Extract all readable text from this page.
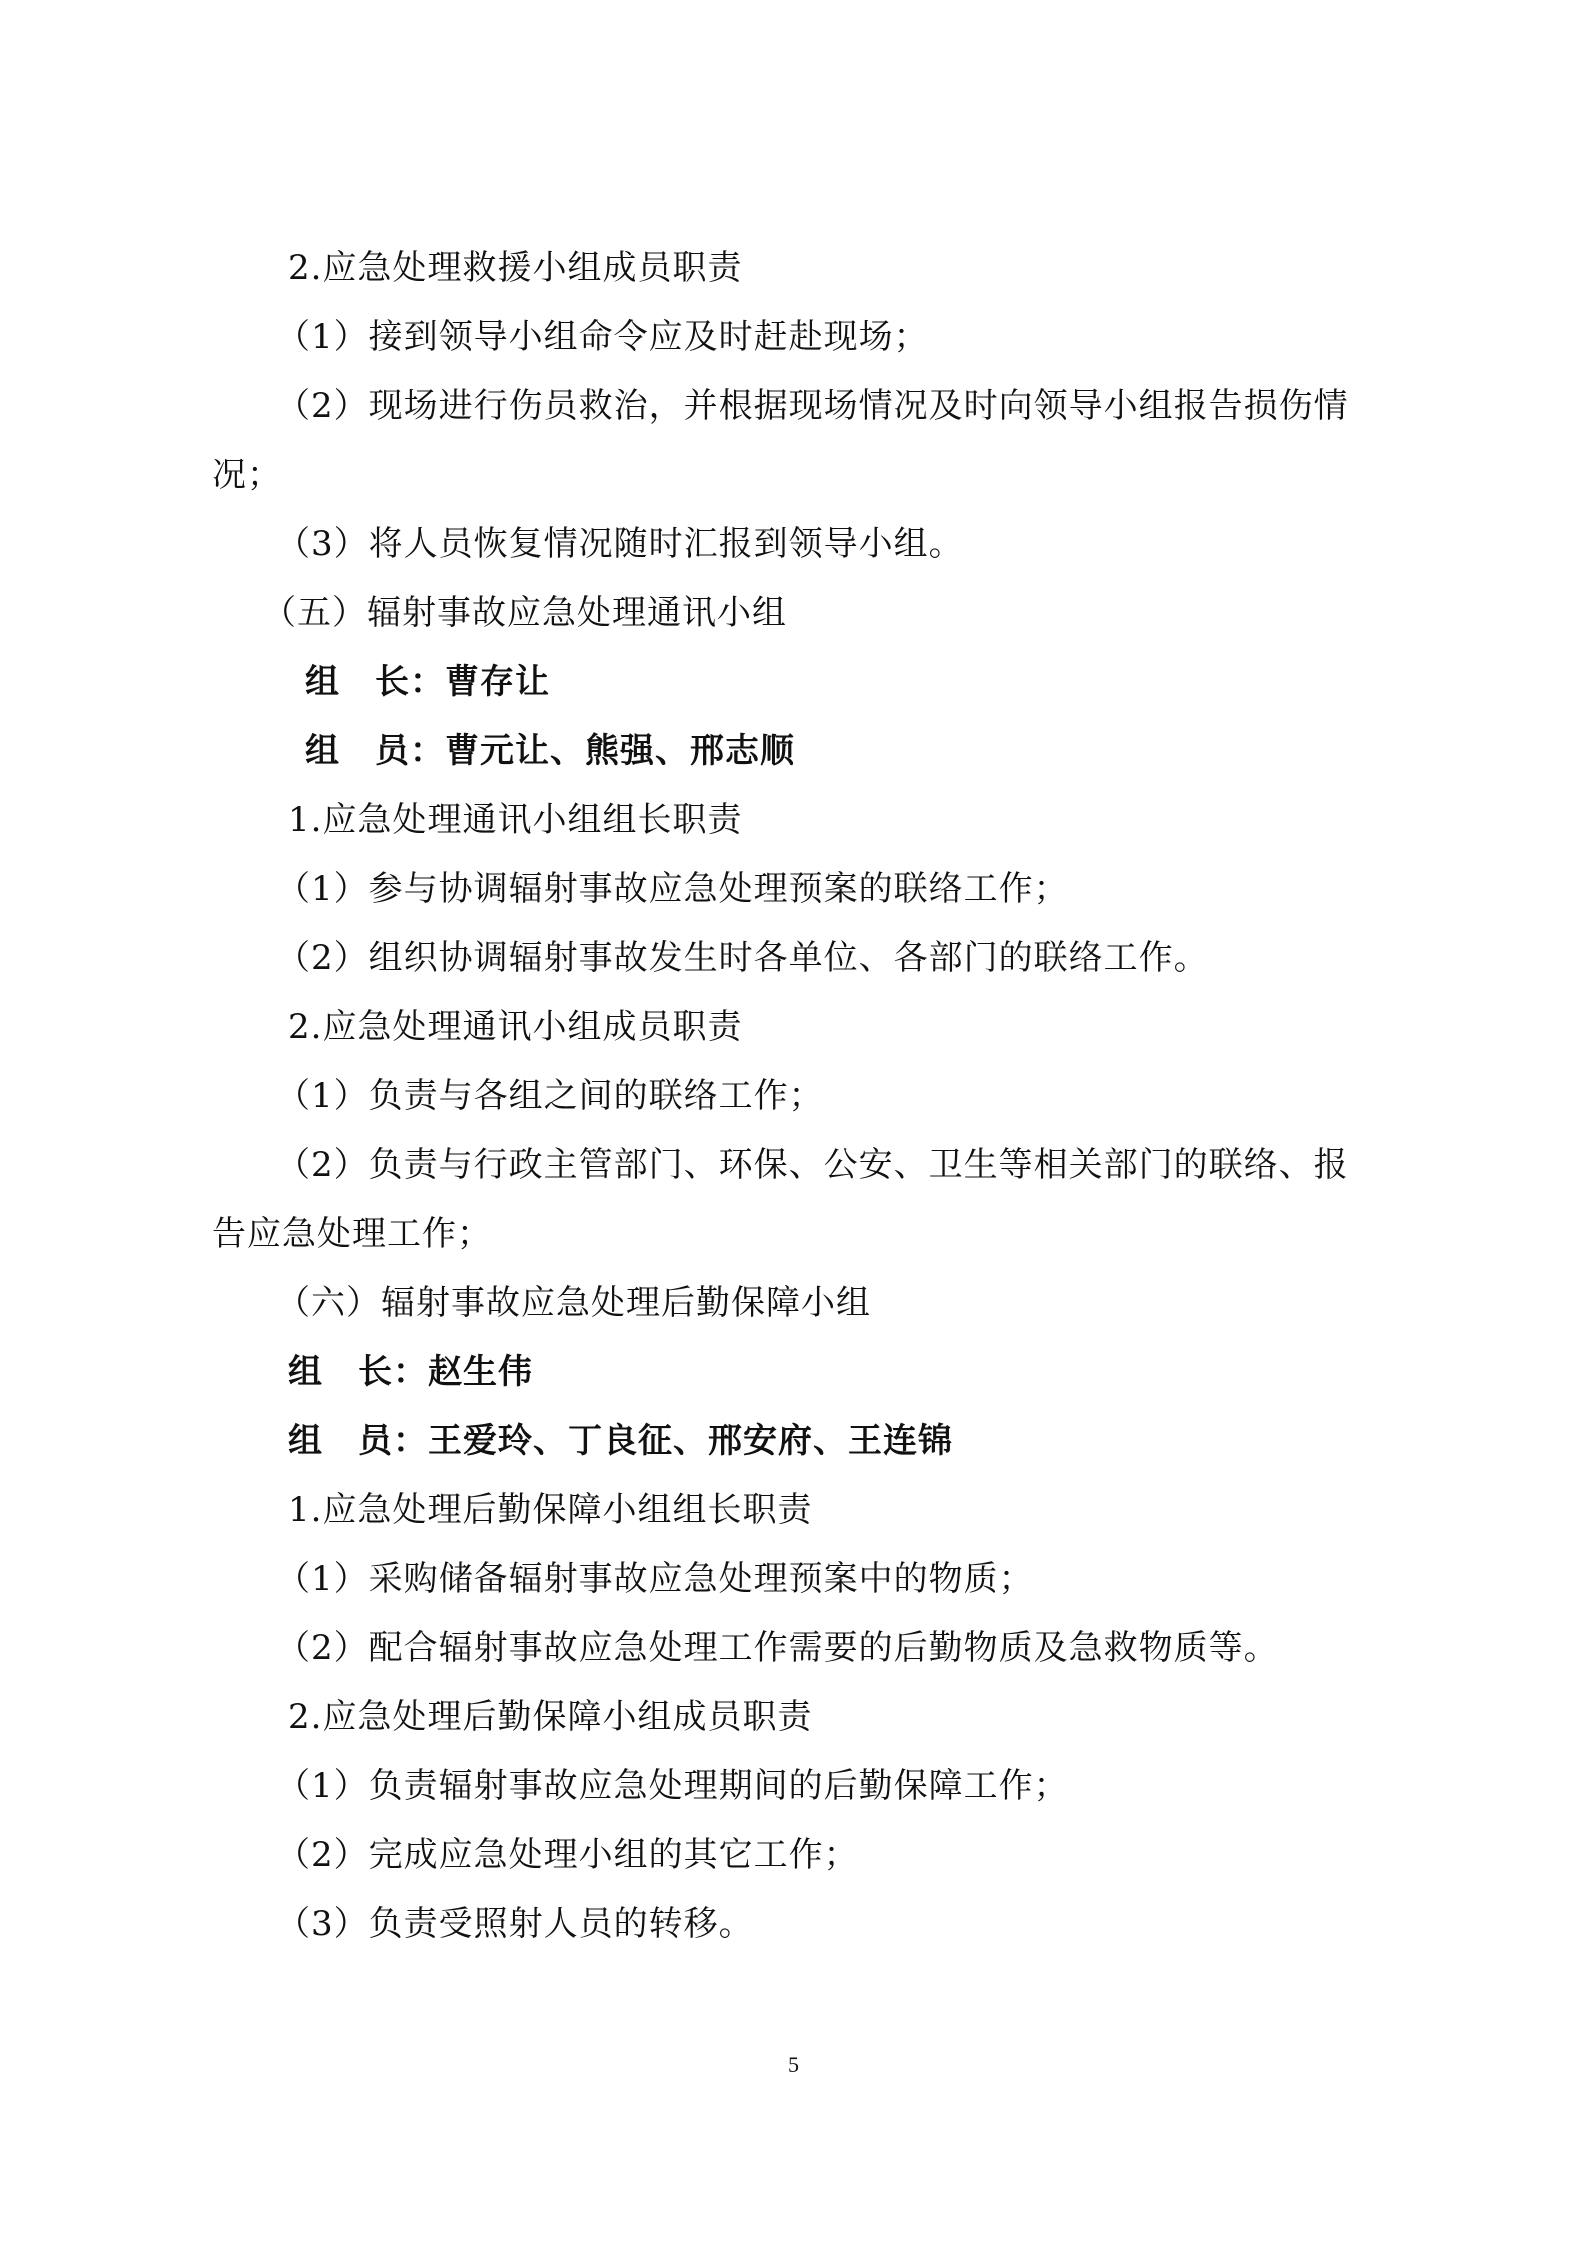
2.应急处理救援小组成员职责
（1）接到领导小组命令应及时赶赴现场；
（2）现场进行伤员救治，并根据现场情况及时向领导小组报告损伤情
况；
（3）将人员恢复情况随时汇报到领导小组。
（五）辐射事故应急处理通讯小组
组　长：曹存让
组　员：曹元让、熊强、邢志顺
1.应急处理通讯小组组长职责
（1）参与协调辐射事故应急处理预案的联络工作；
（2）组织协调辐射事故发生时各单位、各部门的联络工作。
2.应急处理通讯小组成员职责
（1）负责与各组之间的联络工作；
（2）负责与行政主管部门、环保、公安、卫生等相关部门的联络、报
告应急处理工作；
（六）辐射事故应急处理后勤保障小组
组　长：赵生伟
组　员：王爱玲、丁良征、邢安府、王连锦
1.应急处理后勤保障小组组长职责
（1）采购储备辐射事故应急处理预案中的物质；
（2）配合辐射事故应急处理工作需要的后勤物质及急救物质等。
2.应急处理后勤保障小组成员职责
（1）负责辐射事故应急处理期间的后勤保障工作；
（2）完成应急处理小组的其它工作；
（3）负责受照射人员的转移。
5
